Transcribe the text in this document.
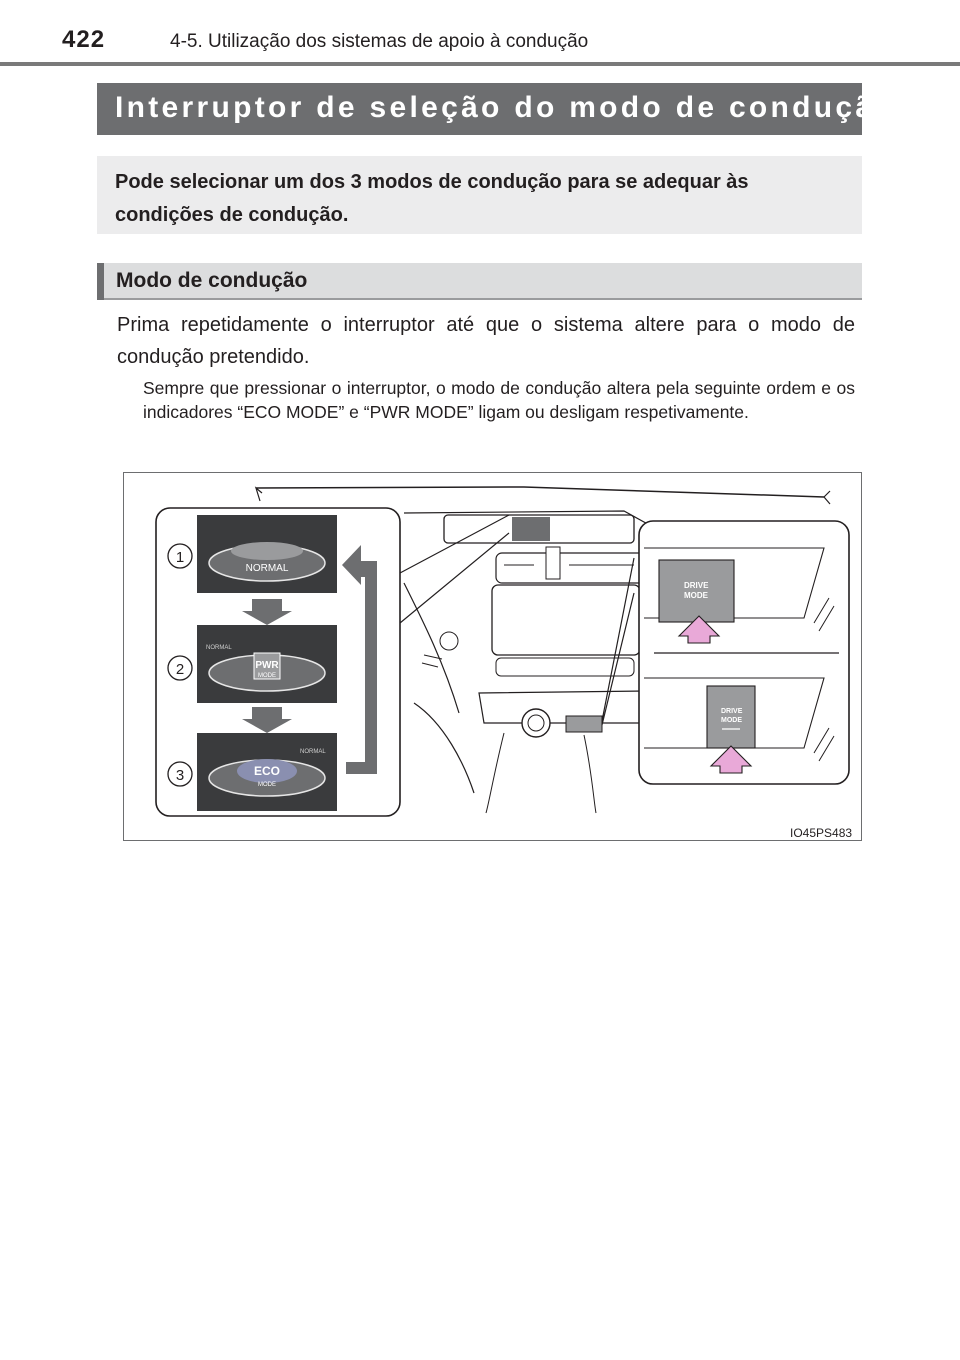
422	4-5. Utilização dos sistemas de apoio à condução
Interruptor de seleção do modo de condução
Pode selecionar um dos 3 modos de condução para se adequar às condições de condução.
Modo de condução
Prima repetidamente o interruptor até que o sistema altere para o modo de condução pretendido.
Sempre que pressionar o interruptor, o modo de condução altera pela seguinte ordem e os indicadores “ECO MODE” e “PWR MODE” ligam ou desligam respetivamente.
NORMAL
PWR
MODE
NORMAL
ECO
MODE
NORMAL
1
2
3
DRIVE
MODE
DRIVE
MODE
IO45PS483
